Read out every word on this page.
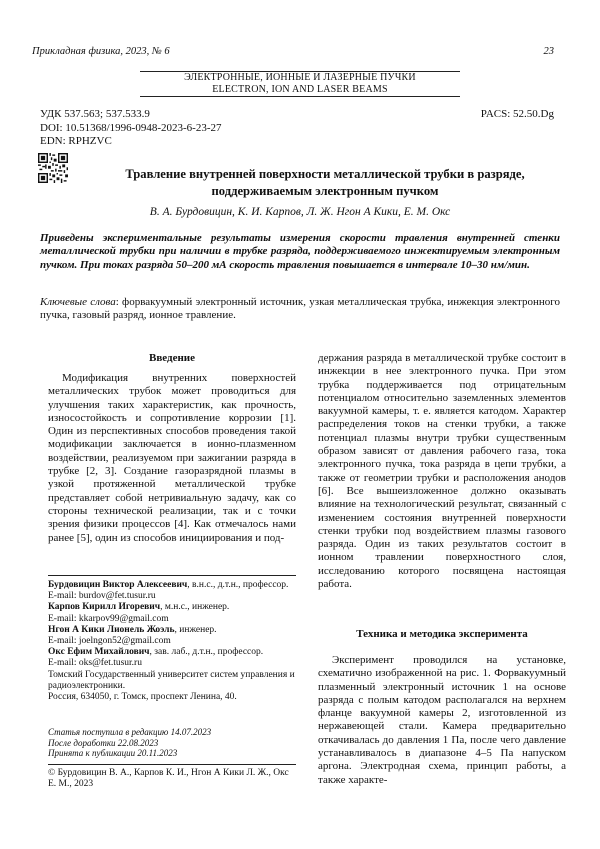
Прикладная физика, 2023, № 6	23
ЭЛЕКТРОННЫЕ, ИОННЫЕ И ЛАЗЕРНЫЕ ПУЧКИ
ELECTRON, ION AND LASER BEAMS
УДК 537.563; 537.533.9
DOI: 10.51368/1996-0948-2023-6-23-27
EDN: RPHZVC
PACS: 52.50.Dg
Травление внутренней поверхности металлической трубки в разряде,
поддерживаемым электронным пучком
В. А. Бурдовицин, К. И. Карпов, Л. Ж. Нгон А Кики, Е. М. Окс
Приведены экспериментальные результаты измерения скорости травления внутренней стенки металлической трубки при наличии в трубке разряда, поддерживаемого инжектируемым электронным пучком. При токах разряда 50–200 мА скорость травления повышается в интервале 10–30 нм/мин.
Ключевые слова: форвакуумный электронный источник, узкая металлическая трубка, инжекция электронного пучка, газовый разряд, ионное травление.
Введение

Модификация внутренних поверхностей металлических трубок может проводиться для улучшения таких характеристик, как прочность, износостойкость и сопротивление коррозии [1]. Один из перспективных способов проведения такой модификации заключается в ионно-плазменном воздействии, реализуемом при зажигании разряда в трубке [2, 3]. Создание газоразрядной плазмы в узкой протяженной металлической трубке представляет собой нетривиальную задачу, как со стороны технической реализации, так и с точки зрения физики процессов [4]. Как отмечалось нами ранее [5], один из способов инициирования и под-

держания разряда в металлической трубке состоит в инжекции в нее электронного пучка. При этом трубка поддерживается под отрицательным потенциалом относительно заземленных элементов вакуумной камеры, т. е. является катодом. Характер распределения токов на стенки трубки, а также потенциал плазмы внутри трубки существенным образом зависят от давления рабочего газа, тока электронного пучка, тока разряда в цепи трубки, а также от геометрии трубки и расположения анодов [6]. Все вышеизложенное должно оказывать влияние на технологический результат, связанный с изменением состояния внутренней поверхности стенки трубки под воздействием плазмы газового разряда. Один из таких результатов состоит в ионном травлении поверхностного слоя, исследованию которого посвящена настоящая работа.

Техника и методика эксперимента

Эксперимент проводился на установке, схематично изображенной на рис. 1. Форвакуумный плазменный электронный источник 1 на основе разряда с полым катодом располагался на верхнем фланце вакуумной камеры 2, изготовленной из нержавеющей стали. Камера предварительно откачивалась до давления 1 Па, после чего давление устанавливалось в диапазоне 4–5 Па напуском аргона. Электродная схема, принцип работы, а также характе-

Бурдовицин Виктор Алексеевич, в.н.с., д.т.н., профессор.
E-mail: burdov@fet.tusur.ru
Карпов Кирилл Игоревич, м.н.с., инженер.
E-mail: kkarpov99@gmail.com
Нгон А Кики Лионель Жоэль, инженер.
E-mail: joelngon52@gmail.com
Окс Ефим Михайлович, зав. лаб., д.т.н., профессор.
E-mail: oks@fet.tusur.ru
Томский Государственный университет систем управления и радиоэлектроники.
Россия, 634050, г. Томск, проспект Ленина, 40.
Статья поступила в редакцию 14.07.2023
После доработки 22.08.2023
Принята к публикации 20.11.2023
© Бурдовицин В. А., Карпов К. И., Нгон А Кики Л. Ж., Окс Е. М., 2023
